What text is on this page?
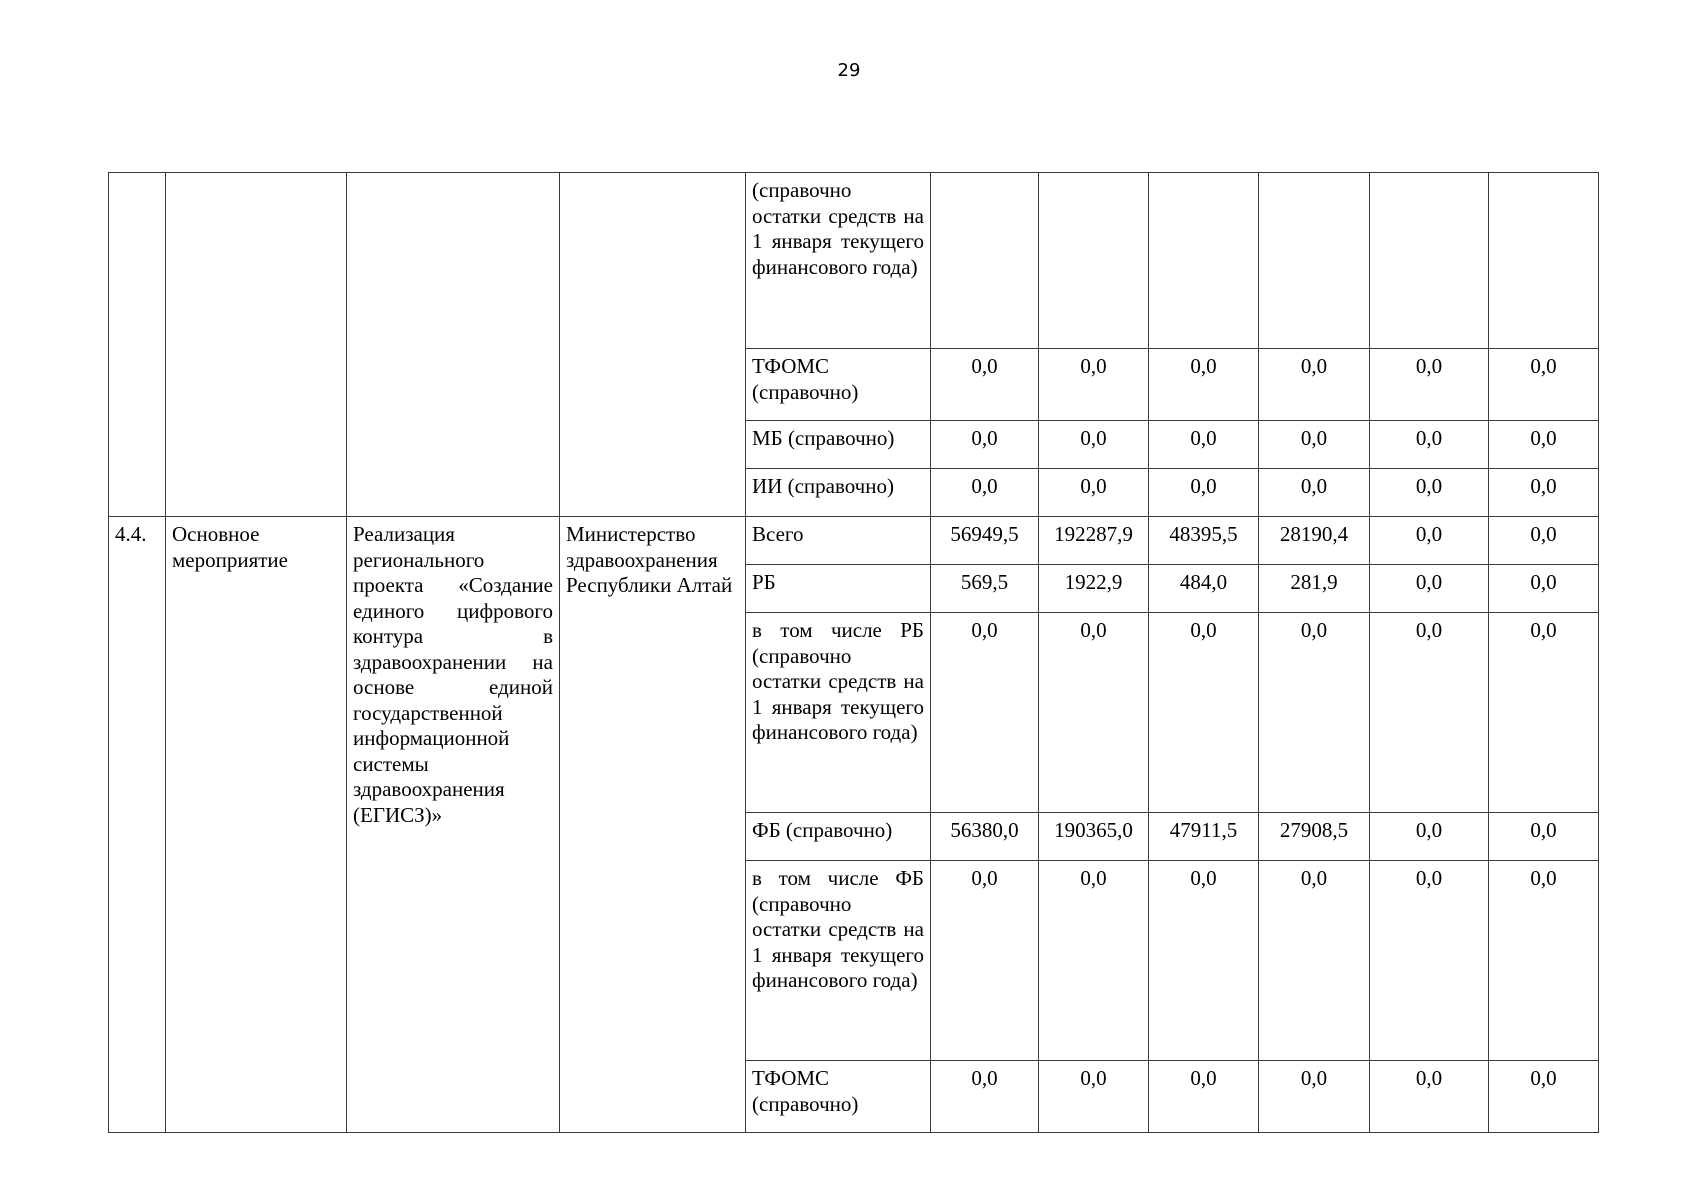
29
				(справочно остатки средств на 1 января текущего финансового года)						
				ТФОМС (справочно)	0,0	0,0	0,0	0,0	0,0	0,0
				МБ (справочно)	0,0	0,0	0,0	0,0	0,0	0,0
				ИИ (справочно)	0,0	0,0	0,0	0,0	0,0	0,0
4.4.	Основное мероприятие	Реализация регионального проекта «Создание единого цифрового контура в здравоохранении на основе единой государственной информационной системы здравоохранения (ЕГИСЗ)»	Министерство здравоохранения Республики Алтай	Всего	56949,5	192287,9	48395,5	28190,4	0,0	0,0
				РБ	569,5	1922,9	484,0	281,9	0,0	0,0
				в том числе РБ (справочно остатки средств на 1 января текущего финансового года)	0,0	0,0	0,0	0,0	0,0	0,0
				ФБ (справочно)	56380,0	190365,0	47911,5	27908,5	0,0	0,0
				в том числе ФБ (справочно остатки средств на 1 января текущего финансового года)	0,0	0,0	0,0	0,0	0,0	0,0
				ТФОМС (справочно)	0,0	0,0	0,0	0,0	0,0	0,0
